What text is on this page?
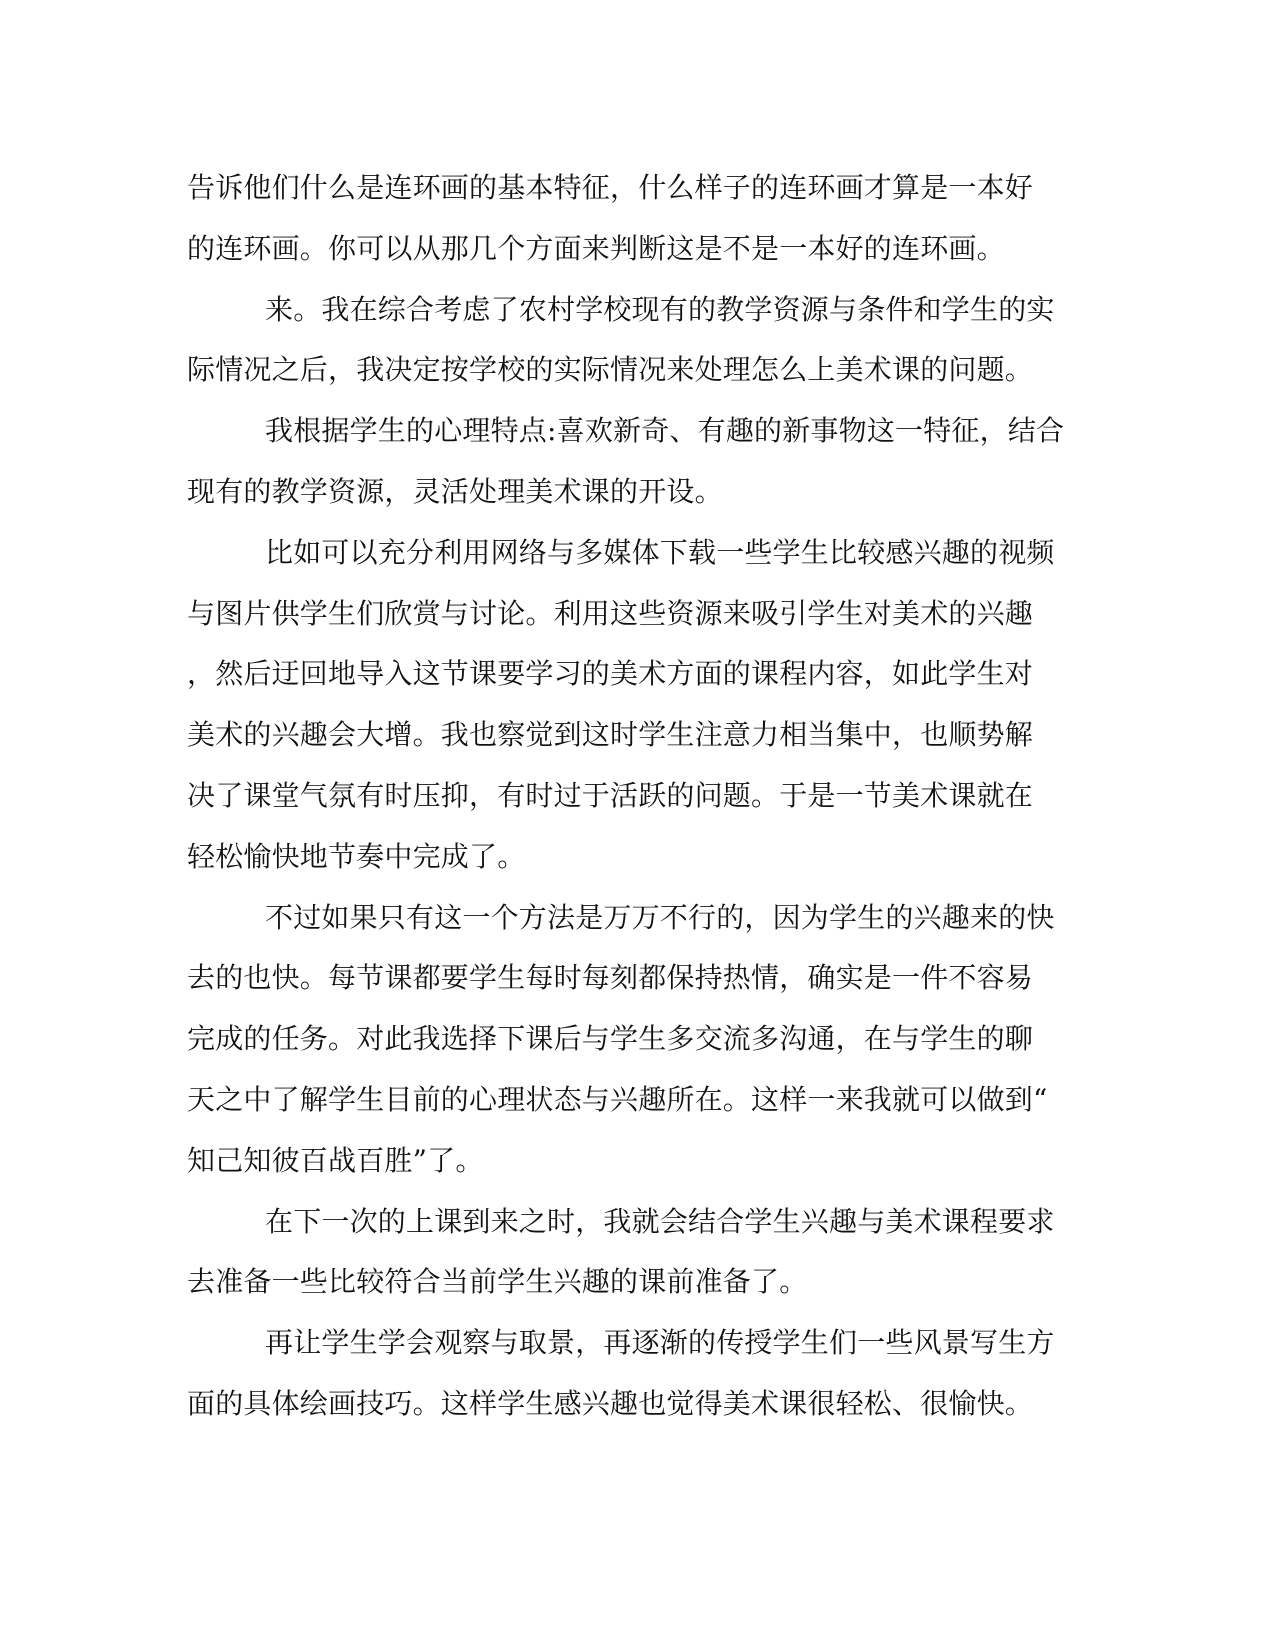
告诉他们什么是连环画的基本特征，什么样子的连环画才算是一本好
的连环画。你可以从那几个方面来判断这是不是一本好的连环画。
来。我在综合考虑了农村学校现有的教学资源与条件和学生的实
际情况之后，我决定按学校的实际情况来处理怎么上美术课的问题。
我根据学生的心理特点:喜欢新奇、有趣的新事物这一特征，结合
现有的教学资源，灵活处理美术课的开设。
比如可以充分利用网络与多媒体下载一些学生比较感兴趣的视频
与图片供学生们欣赏与讨论。利用这些资源来吸引学生对美术的兴趣
，然后迂回地导入这节课要学习的美术方面的课程内容，如此学生对
美术的兴趣会大增。我也察觉到这时学生注意力相当集中，也顺势解
决了课堂气氛有时压抑，有时过于活跃的问题。于是一节美术课就在
轻松愉快地节奏中完成了。
不过如果只有这一个方法是万万不行的，因为学生的兴趣来的快
去的也快。每节课都要学生每时每刻都保持热情，确实是一件不容易
完成的任务。对此我选择下课后与学生多交流多沟通，在与学生的聊
天之中了解学生目前的心理状态与兴趣所在。这样一来我就可以做到“
知己知彼百战百胜”了。
在下一次的上课到来之时，我就会结合学生兴趣与美术课程要求
去准备一些比较符合当前学生兴趣的课前准备了。
再让学生学会观察与取景，再逐渐的传授学生们一些风景写生方
面的具体绘画技巧。这样学生感兴趣也觉得美术课很轻松、很愉快。
